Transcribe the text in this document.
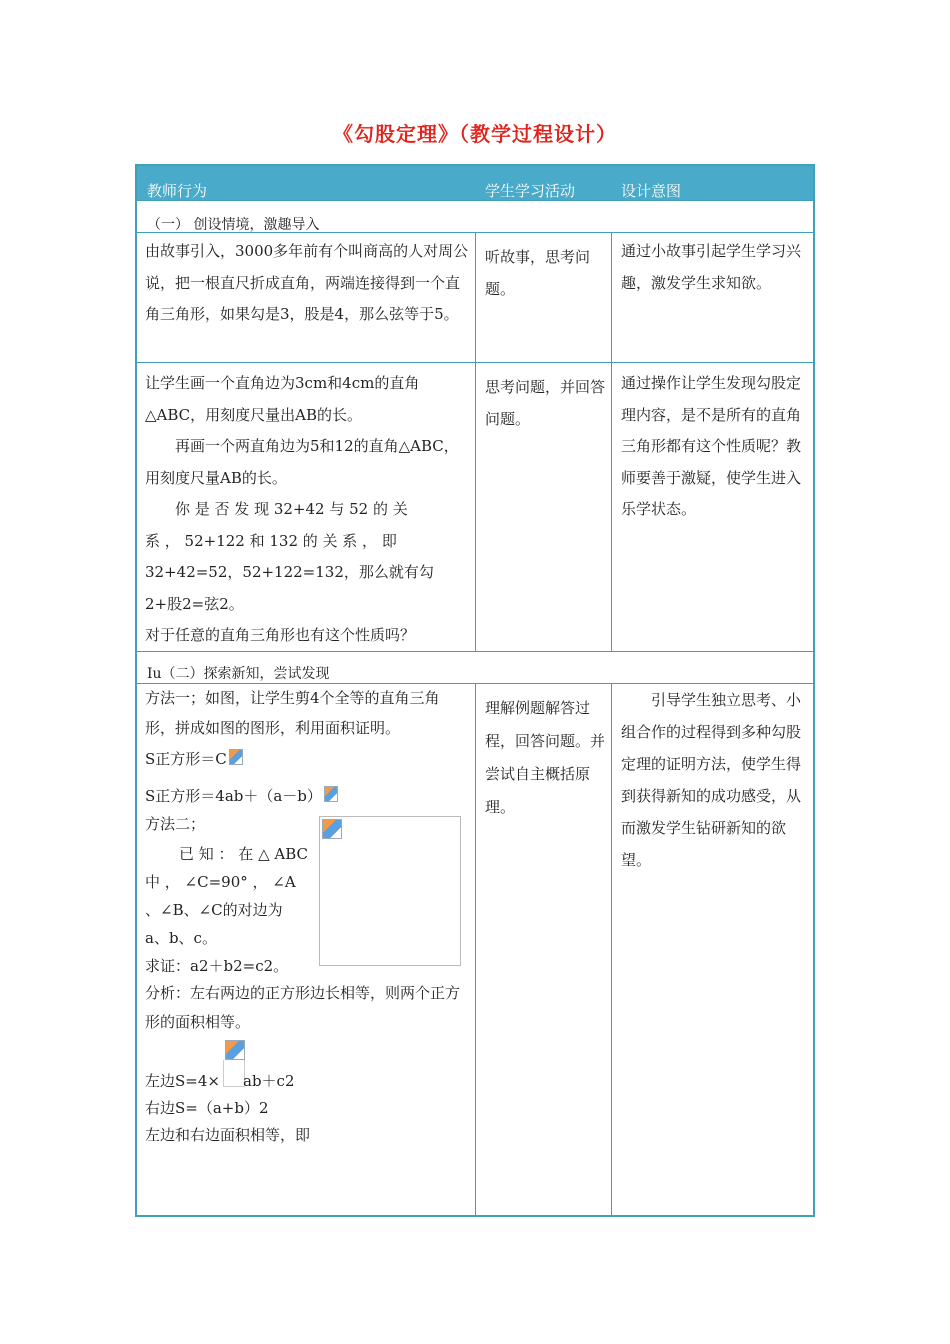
《勾股定理》（教学过程设计）
教师行为	学生学习活动	设计意图
（一） 创设情境，激趣导入

由故事引入，3000多年前有个叫商高的人对周公说，把一根直尺折成直角，两端连接得到一个直角三角形，如果勾是3，股是4，那么弦等于5。

听故事，思考问题。
通过小故事引起学生学习兴趣，激发学生求知欲。

让学生画一个直角边为3cm和4cm的直角△ABC，用刻度尺量出AB的长。

再画一个两直角边为5和12的直角△ABC，用刻度尺量AB的长。

你 是 否 发 现 32+42 与 52 的 关

系 ， 52+122 和 132 的 关 系 ， 即

32+42=52，52+122=132，那么就有勾2+股2=弦2。

对于任意的直角三角形也有这个性质吗？

思考问题，并回答问题。
通过操作让学生发现勾股定理内容，是不是所有的直角三角形都有这个性质呢？教师要善于激疑，使学生进入乐学状态。
Iu（二）探索新知，尝试发现
方法一；如图，让学生剪4个全等的直角三角形，拼成如图的图形，利用面积证明。
S正方形＝C
S正方形＝4ab＋（a－b）
方法二；
已 知 ： 在 △ ABC
中 ， ∠C=90° ， ∠A
、∠B、∠C的对边为
a、b、c。
求证：a2＋b2=c2。
分析：左右两边的正方形边长相等，则两个正方形的面积相等。
左边S=4× ab＋c2
右边S=（a+b）2
左边和右边面积相等，即
理解例题解答过程，回答问题。并尝试自主概括原理。
引导学生独立思考、小组合作的过程得到多种勾股定理的证明方法，使学生得到获得新知的成功感受，从而激发学生钻研新知的欲望。
